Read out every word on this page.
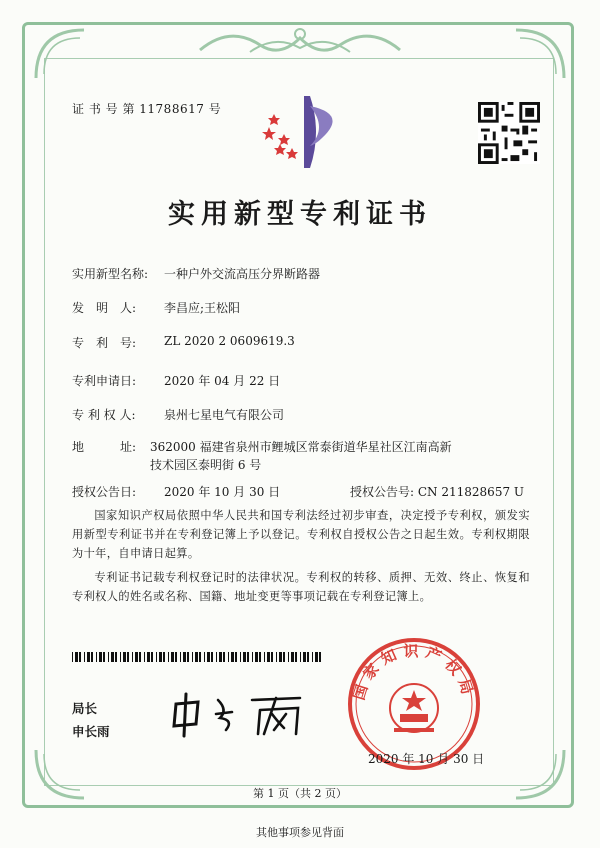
证 书 号 第 11788617 号
实用新型专利证书
实用新型名称:	一种户外交流高压分界断路器
发　明　人:	李昌应;王松阳
专　利　号:	ZL 2020 2 0609619.3
专利申请日:	2020 年 04 月 22 日
专 利 权 人:	泉州七星电气有限公司
地　　　址:	362000 福建省泉州市鲤城区常泰街道华星社区江南高新
技术园区泰明街 6 号
授权公告日:	2020 年 10 月 30 日	授权公告号: CN 211828657 U
国家知识产权局依照中华人民共和国专利法经过初步审查，决定授予专利权，颁发实用新型专利证书并在专利登记簿上予以登记。专利权自授权公告之日起生效。专利权期限为十年，自申请日起算。
专利证书记载专利权登记时的法律状况。专利权的转移、质押、无效、终止、恢复和专利权人的姓名或名称、国籍、地址变更等事项记载在专利登记簿上。
局长
申长雨
国家知识产权局
2020 年 10 月 30 日
第 1 页（共 2 页）
其他事项参见背面
